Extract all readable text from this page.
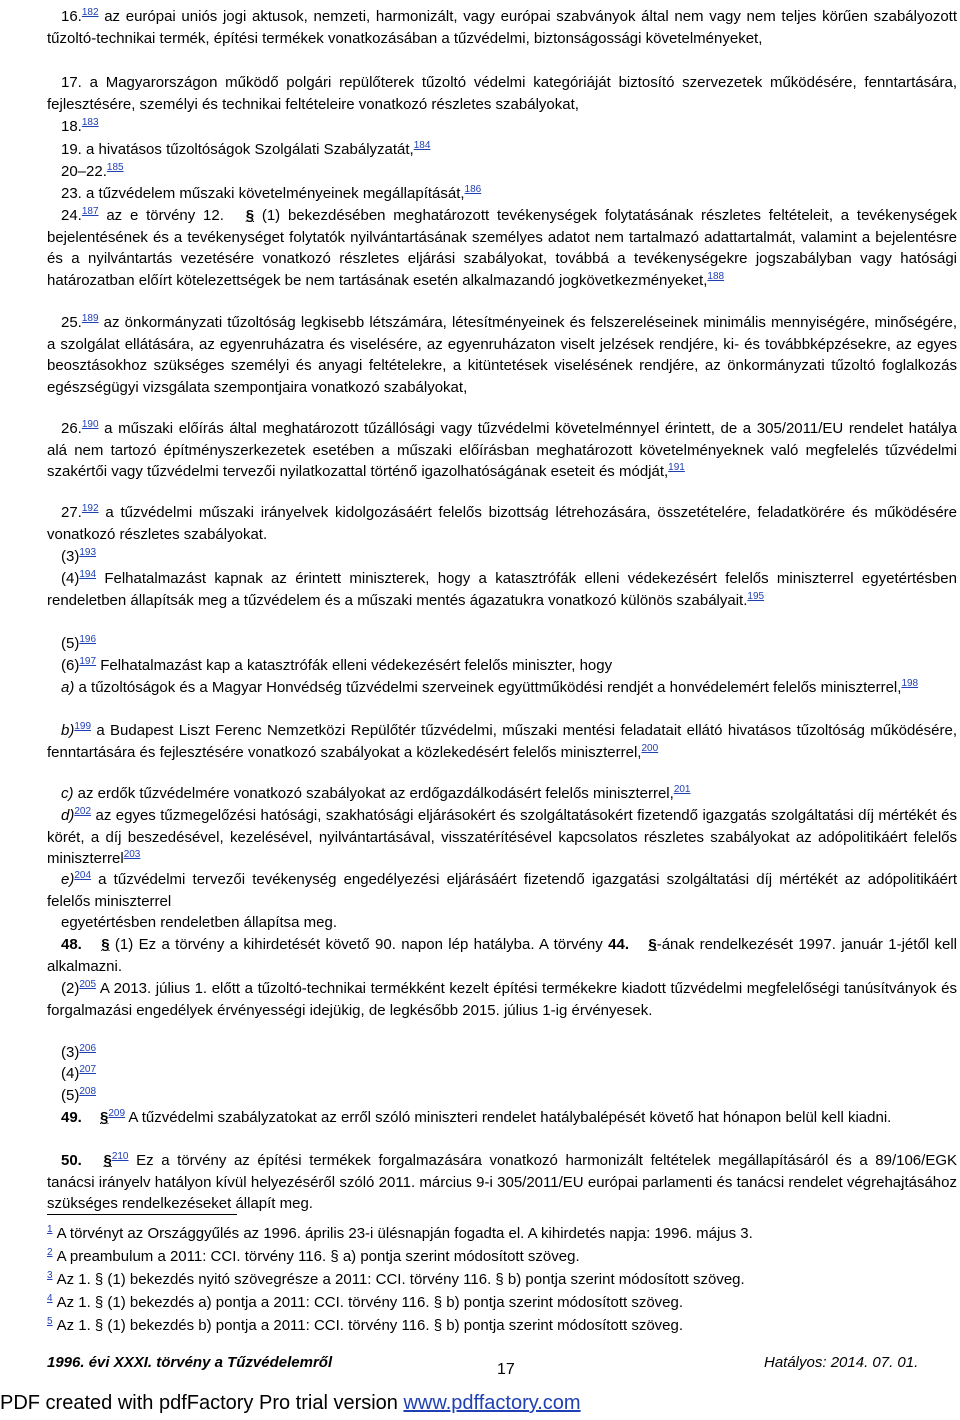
16.$^{182}$ az európai uniós jogi aktusok, nemzeti, harmonizált, vagy európai szabványok által nem vagy nem teljes körűen szabályozott tűzoltó-technikai termék, építési termékek vonatkozásában a tűzvédelmi, biztonságossági követelményeket,

17. a Magyarországon működő polgári repülőterek tűzoltó védelmi kategóriáját biztosító szervezetek működésére, fenntartására, fejlesztésére, személyi és technikai feltételeire vonatkozó részletes szabályokat,

18.$^{183}$

19. a hivatásos tűzoltóságok Szolgálati Szabályzatát,$^{184}$

20–22.$^{185}$

23. a tűzvédelem műszaki követelményeinek megállapítását,$^{186}$

24.$^{187}$ az e törvény 12. § (1) bekezdésében meghatározott tevékenységek folytatásának részletes feltételeit, a tevékenységek bejelentésének és a tevékenységet folytatók nyilvántartásának személyes adatot nem tartalmazó adattartalmát, valamint a bejelentésre és a nyilvántartás vezetésére vonatkozó részletes eljárási szabályokat, továbbá a tevékenységekre jogszabályban vagy hatósági határozatban előírt kötelezettségek be nem tartásának esetén alkalmazandó jogkövetkezményeket,$^{188}$

25.$^{189}$ az önkormányzati tűzoltóság legkisebb létszámára, létesítményeinek és felszereléseinek minimális mennyiségére, minőségére, a szolgálat ellátására, az egyenruházatra és viselésére, az egyenruházaton viselt jelzések rendjére, ki- és továbbképzésekre, az egyes beosztásokhoz szükséges személyi és anyagi feltételekre, a kitüntetések viselésének rendjére, az önkormányzati tűzoltó foglalkozás egészségügyi vizsgálata szempontjaira vonatkozó szabályokat,

26.$^{190}$ a műszaki előírás által meghatározott tűzállósági vagy tűzvédelmi követelménnyel érintett, de a 305/2011/EU rendelet hatálya alá nem tartozó építményszerkezetek esetében a műszaki előírásban meghatározott követelményeknek való megfelelés tűzvédelmi szakértői vagy tűzvédelmi tervezői nyilatkozattal történő igazolhatóságának eseteit és módját,$^{191}$

27.$^{192}$ a tűzvédelmi műszaki irányelvek kidolgozásáért felelős bizottság létrehozására, összetételére, feladatkörére és működésére vonatkozó részletes szabályokat.

(3)$^{193}$

(4)$^{194}$ Felhatalmazást kapnak az érintett miniszterek, hogy a katasztrófák elleni védekezésért felelős miniszterrel egyetértésben rendeletben állapítsák meg a tűzvédelem és a műszaki mentés ágazatukra vonatkozó különös szabályait.$^{195}$

(5)$^{196}$

(6)$^{197}$ Felhatalmazást kap a katasztrófák elleni védekezésért felelős miniszter, hogy

a) a tűzoltóságok és a Magyar Honvédség tűzvédelmi szerveinek együttműködési rendjét a honvédelemért felelős miniszterrel,$^{198}$

b)$^{199}$ a Budapest Liszt Ferenc Nemzetközi Repülőtér tűzvédelmi, műszaki mentési feladatait ellátó hivatásos tűzoltóság működésére, fenntartására és fejlesztésére vonatkozó szabályokat a közlekedésért felelős miniszterrel,$^{200}$

c) az erdők tűzvédelmére vonatkozó szabályokat az erdőgazdálkodásért felelős miniszterrel,$^{201}$

d)$^{202}$ az egyes tűzmegelőzési hatósági, szakhatósági eljárásokért és szolgáltatásokért fizetendő igazgatás szolgáltatási díj mértékét és körét, a díj beszedésével, kezelésével, nyilvántartásával, visszatérítésével kapcsolatos részletes szabályokat az adópolitikáért felelős miniszterrel$^{203}$

e)$^{204}$ a tűzvédelmi tervezői tevékenység engedélyezési eljárásáért fizetendő igazgatási szolgáltatási díj mértékét az adópolitikáért felelős miniszterrel

egyetértésben rendeletben állapítsa meg.

48. § (1) Ez a törvény a kihirdetését követő 90. napon lép hatályba. A törvény 44. §-ának rendelkezését 1997. január 1-jétől kell alkalmazni.

(2)$^{205}$ A 2013. július 1. előtt a tűzoltó-technikai termékként kezelt építési termékekre kiadott tűzvédelmi megfelelőségi tanúsítványok és forgalmazási engedélyek érvényességi idejükig, de legkésőbb 2015. július 1-ig érvényesek.

(3)$^{206}$

(4)$^{207}$

(5)$^{208}$

49. §$^{209}$ A tűzvédelmi szabályzatokat az erről szóló miniszteri rendelet hatálybalépését követő hat hónapon belül kell kiadni.

50. §$^{210}$ Ez a törvény az építési termékek forgalmazására vonatkozó harmonizált feltételek megállapításáról és a 89/106/EGK tanácsi irányelv hatályon kívül helyezéséről szóló 2011. március 9-i 305/2011/EU európai parlamenti és tanácsi rendelet végrehajtásához szükséges rendelkezéseket állapít meg.

$^1$ A törvényt az Országgyűlés az 1996. április 23-i ülésnapján fogadta el. A kihirdetés napja: 1996. május 3.

$^2$ A preambulum a 2011: CCI. törvény 116. § a) pontja szerint módosított szöveg.

$^3$ Az 1. § (1) bekezdés nyitó szövegrésze a 2011: CCI. törvény 116. § b) pontja szerint módosított szöveg.

$^4$ Az 1. § (1) bekezdés a) pontja a 2011: CCI. törvény 116. § b) pontja szerint módosított szöveg.

$^5$ Az 1. § (1) bekezdés b) pontja a 2011: CCI. törvény 116. § b) pontja szerint módosított szöveg.

1996. évi XXXI. törvény a Tűzvédelemről	17	Hatályos: 2014. 07. 01.
PDF created with pdfFactory Pro trial version www.pdffactory.com
